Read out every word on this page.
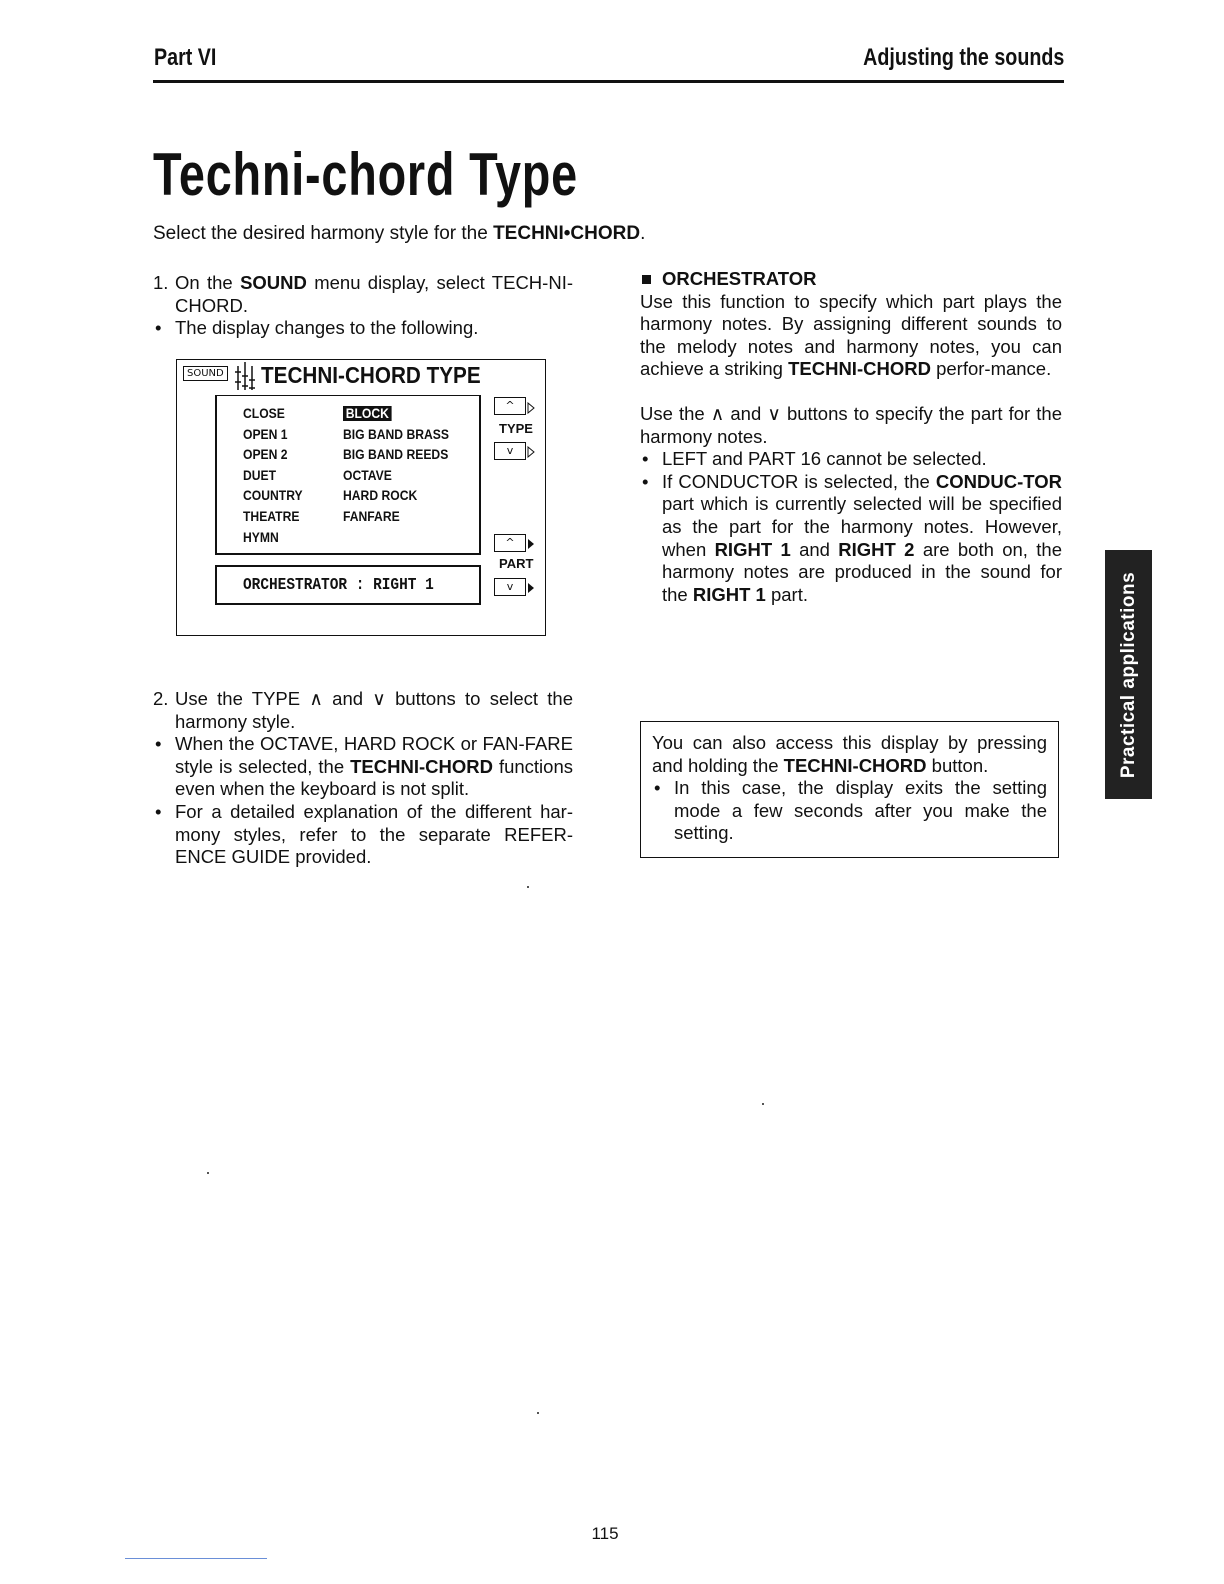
Part VI	Adjusting the sounds
Techni-chord Type
Select the desired harmony style for the TECHNI•CHORD.
1. On the SOUND menu display, select TECH-NI-CHORD.
• The display changes to the following.
SOUND TECHNI-CHORD TYPE
CLOSE
OPEN 1
OPEN 2
DUET
COUNTRY
THEATRE
HYMN
BLOCK
BIG BAND BRASS
BIG BAND REEDS
OCTAVE
HARD ROCK
FANFARE
ORCHESTRATOR : RIGHT 1
^
TYPE
v
^
PART
v
2. Use the TYPE ∧ and ∨ buttons to select the harmony style.
• When the OCTAVE, HARD ROCK or FAN-FARE style is selected, the TECHNI-CHORD functions even when the keyboard is not split.
• For a detailed explanation of the different har-mony styles, refer to the separate REFER-ENCE GUIDE provided.
ORCHESTRATOR
Use this function to specify which part plays the harmony notes. By assigning different sounds to the melody notes and harmony notes, you can achieve a striking TECHNI-CHORD perfor-mance.
Use the ∧ and ∨ buttons to specify the part for the harmony notes.
• LEFT and PART 16 cannot be selected.
• If CONDUCTOR is selected, the CONDUC-TOR part which is currently selected will be specified as the part for the harmony notes. However, when RIGHT 1 and RIGHT 2 are both on, the harmony notes are produced in the sound for the RIGHT 1 part.
You can also access this display by pressing and holding the TECHNI-CHORD button.
• In this case, the display exits the setting mode a few seconds after you make the setting.
Practical applications
115
